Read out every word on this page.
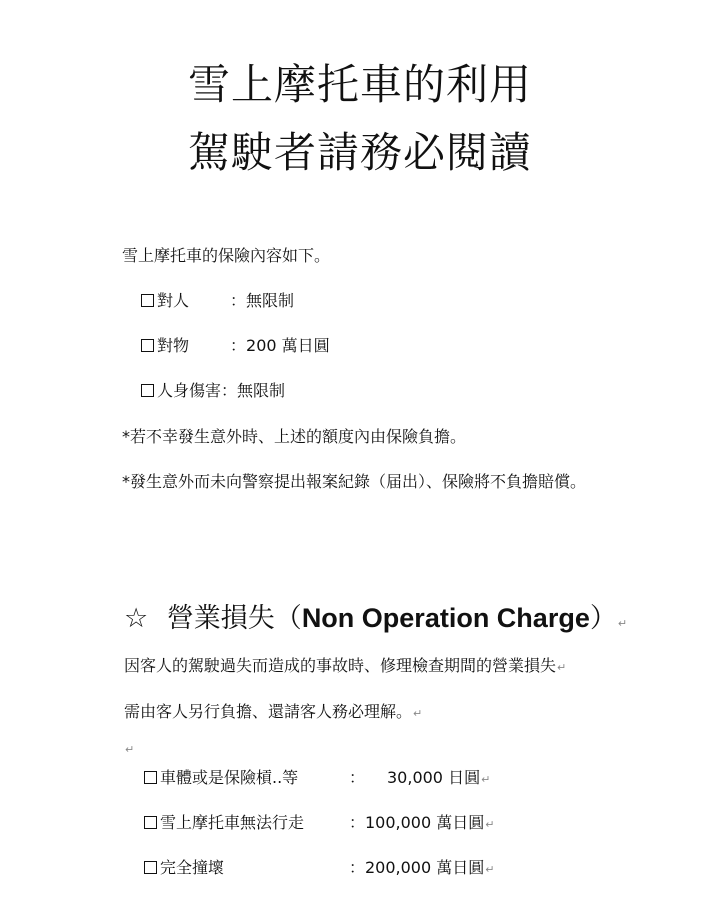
雪上摩托車的利用
駕駛者請務必閱讀
雪上摩托車的保險內容如下。
對人	：無限制
對物	：200 萬日圓
人身傷害：無限制
*若不幸發生意外時、上述的額度內由保險負擔。
*發生意外而未向警察提出報案紀錄（届出）、保險將不負擔賠償。
☆ 營業損失（Non Operation Charge）↵
因客人的駕駛過失而造成的事故時、修理檢查期間的營業損失↵
需由客人另行負擔、還請客人務必理解。↵
↵
車體或是保險槓..等	： 30,000 日圓↵
雪上摩托車無法行走	： 100,000 萬日圓↵
完全撞壞	： 200,000 萬日圓↵
